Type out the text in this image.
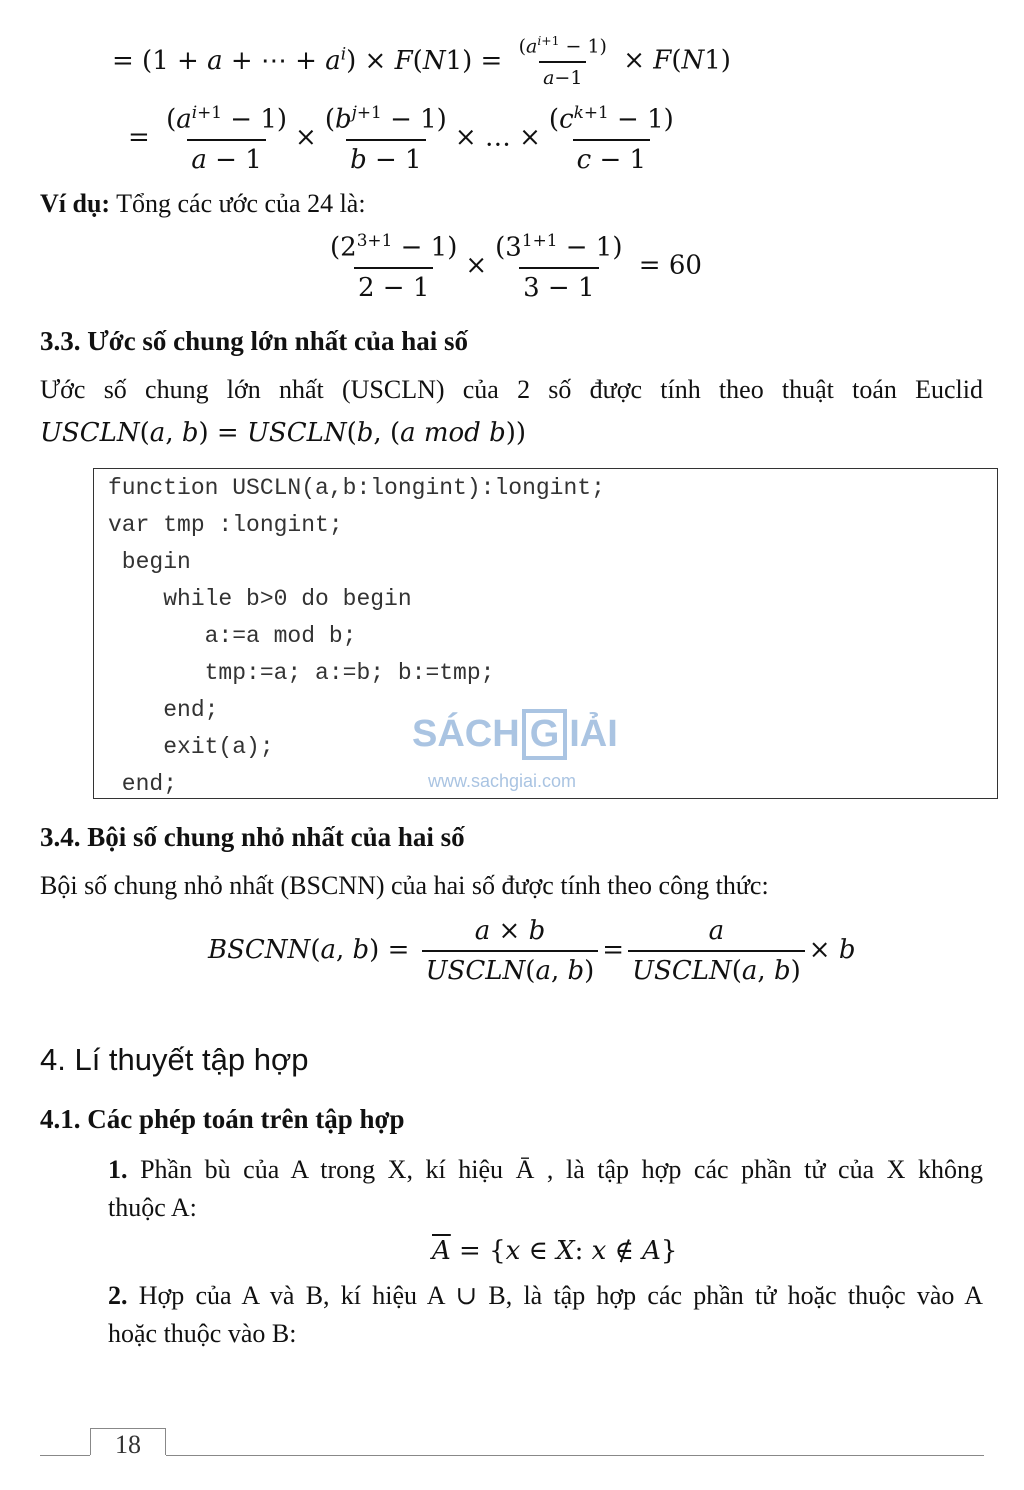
= (1 + a + ⋯ + $a^i) \times F(N1) = \frac{(a^{i+1} - 1)}{a-1} \times F(N1)$
= $\frac{(a^{i+1} - 1)}{a - 1} \times \frac{(b^{j+1} - 1)}{b - 1}$ × … × $\frac{(c^{k+1} - 1)}{c - 1}$
Ví dụ: Tổng các ước của 24 là:
$\frac{(2^{3+1} - 1)}{2 - 1} \times \frac{(3^{1+1} - 1)}{3 - 1} = 60$
3.3. Ước số chung lớn nhất của hai số
Ước số chung lớn nhất (USCLN) của 2 số được tính theo thuật toán Euclid
USCLN(a, b) = USCLN(b, (a mod b))
function USCLN(a,b:longint):longint;
var tmp :longint;
begin
while b>0 do begin
a:=a mod b;
tmp:=a; a:=b; b:=tmp;
end;
exit(a);
end;
SÁCH G IẢI
www.sachgiai.com
3.4. Bội số chung nhỏ nhất của hai số
Bội số chung nhỏ nhất (BSCNN) của hai số được tính theo công thức:
BSCNN(a, $b) = \frac{a \times b}{\text{USCLN(a, b)}} = \frac{a}{\text{USCLN(a, b)}} \times b$
4. Lí thuyết tập hợp
4.1. Các phép toán trên tập hợp
1. Phần bù của A trong X, kí hiệu Ā , là tập hợp các phần tử của X không
thuộc A:
$\overline{A} = \{x$ ∈ X: x ∉ A}
2. Hợp của A và B, kí hiệu A ∪ B, là tập hợp các phần tử hoặc thuộc vào A
hoặc thuộc vào B:
18
